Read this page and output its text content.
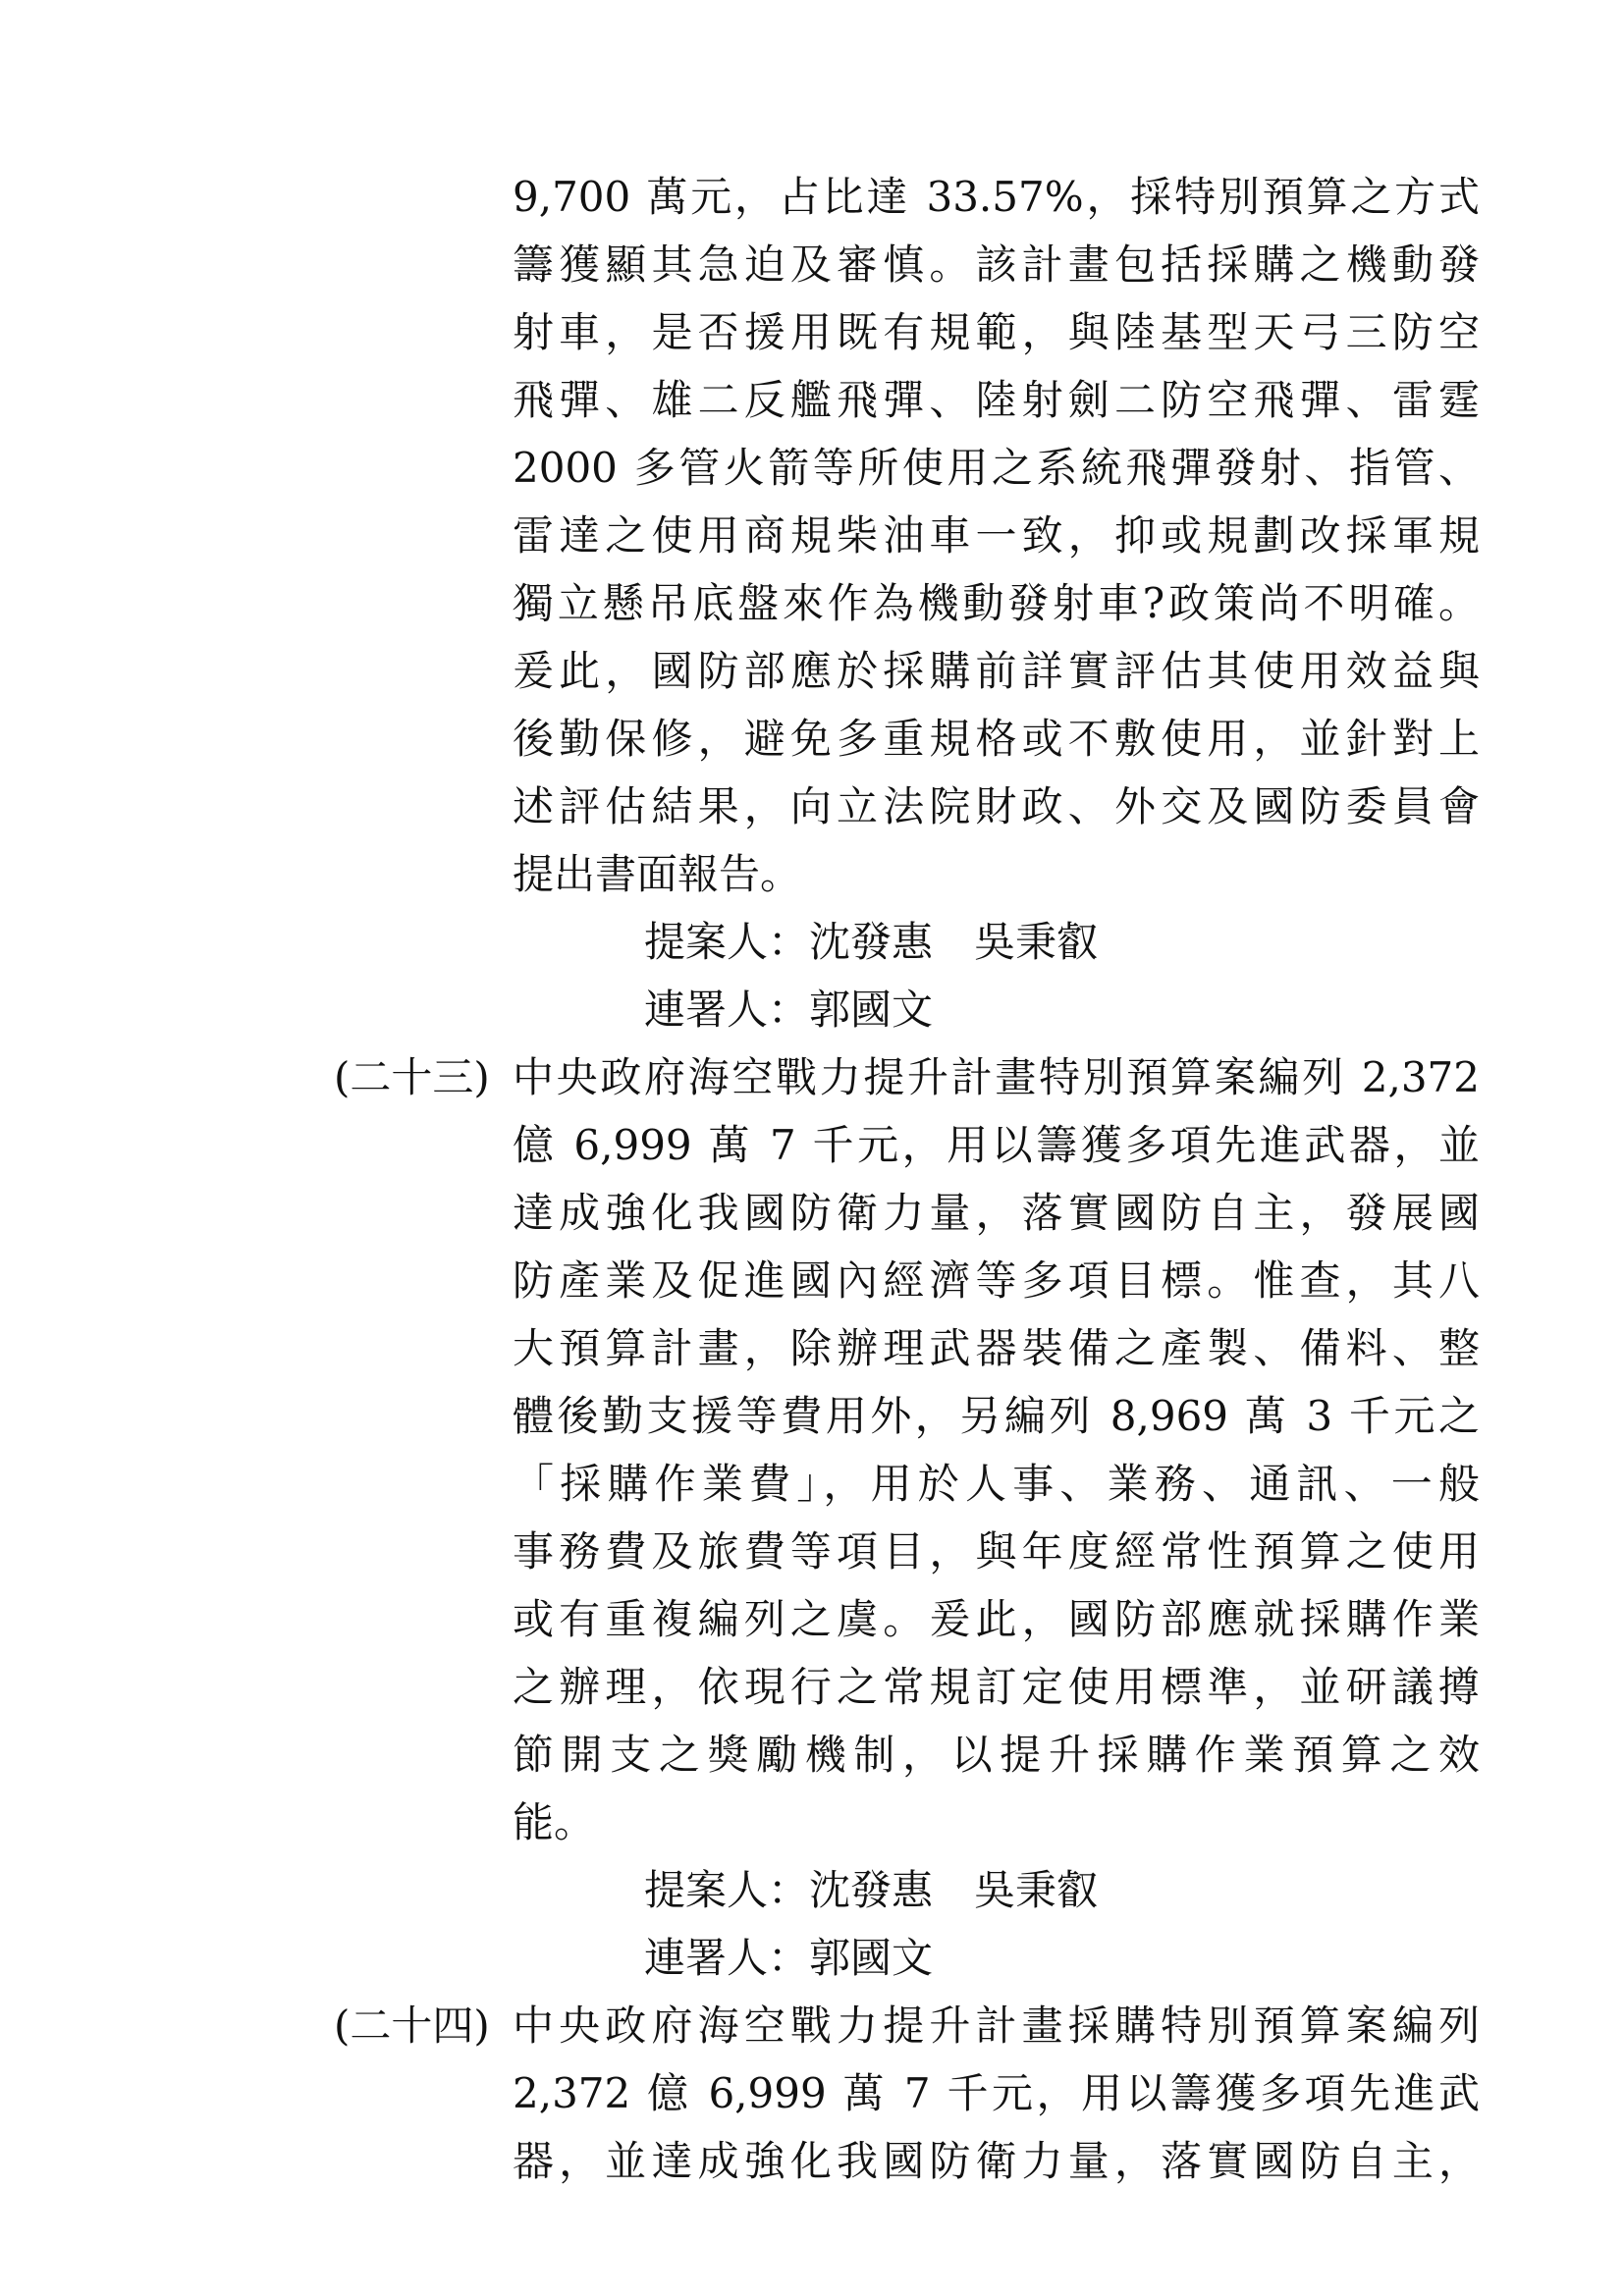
9,700 萬元，占比達 33.57%，採特別預算之方式
籌獲顯其急迫及審慎。該計畫包括採購之機動發
射車，是否援用既有規範，與陸基型天弓三防空
飛彈、雄二反艦飛彈、陸射劍二防空飛彈、雷霆
2000 多管火箭等所使用之系統飛彈發射、指管、
雷達之使用商規柴油車一致，抑或規劃改採軍規
獨立懸吊底盤來作為機動發射車?政策尚不明確。
爰此，國防部應於採購前詳實評估其使用效益與
後勤保修，避免多重規格或不敷使用，並針對上
述評估結果，向立法院財政、外交及國防委員會
提出書面報告。
提案人：沈發惠　吳秉叡
連署人：郭國文
(二十三) 中央政府海空戰力提升計畫特別預算案編列 2,372
億 6,999 萬 7 千元，用以籌獲多項先進武器，並
達成強化我國防衛力量，落實國防自主，發展國
防產業及促進國內經濟等多項目標。惟查，其八
大預算計畫，除辦理武器裝備之產製、備料、整
體後勤支援等費用外，另編列 8,969 萬 3 千元之
「採購作業費」，用於人事、業務、通訊、一般
事務費及旅費等項目，與年度經常性預算之使用
或有重複編列之虞。爰此，國防部應就採購作業
之辦理，依現行之常規訂定使用標準，並研議撙
節開支之獎勵機制，以提升採購作業預算之效
能。
提案人：沈發惠　吳秉叡
連署人：郭國文
(二十四) 中央政府海空戰力提升計畫採購特別預算案編列
2,372 億 6,999 萬 7 千元，用以籌獲多項先進武
器，並達成強化我國防衛力量，落實國防自主，
